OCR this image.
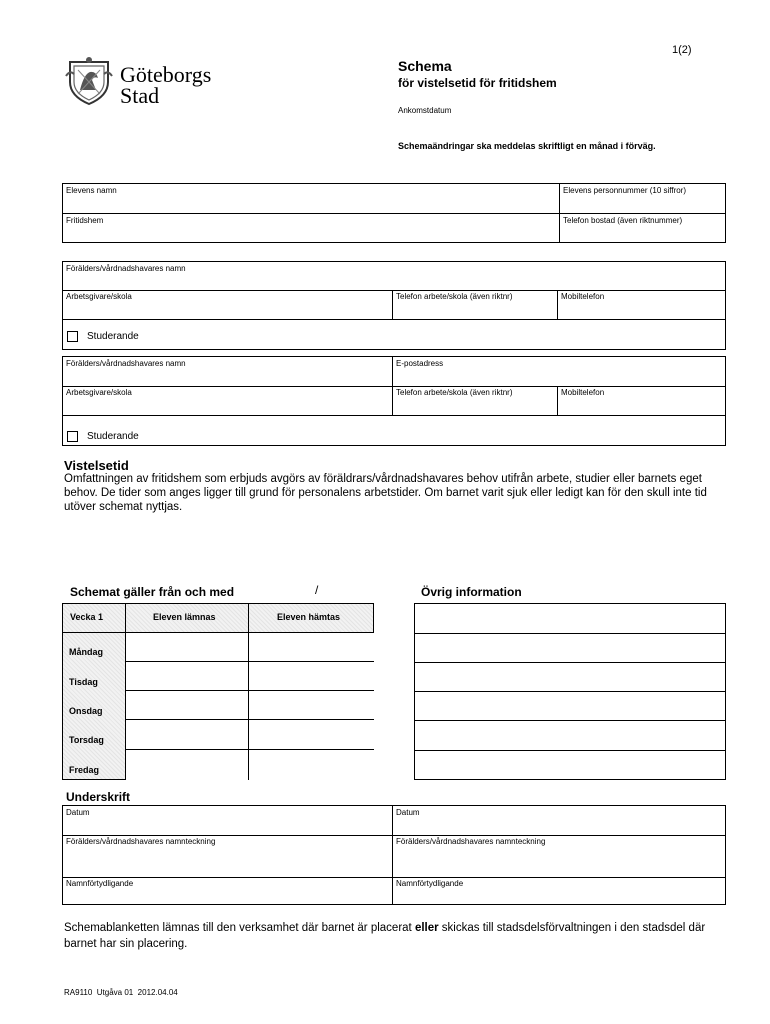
1(2)
Göteborgs
Stad
Schema
för vistelsetid för fritidshem
Ankomstdatum
Schemaändringar ska meddelas skriftligt en månad i förväg.
Elevens namn	Elevens personnummer (10 siffror)
Fritidshem	Telefon bostad (även riktnummer)
Förälders/vårdnadshavares namn
Arbetsgivare/skola	Telefon arbete/skola (även riktnr)	Mobiltelefon
Studerande
Förälders/vårdnadshavares namn	E-postadress
Arbetsgivare/skola	Telefon arbete/skola (även riktnr)	Mobiltelefon
Studerande
Vistelsetid
Omfattningen av fritidshem som erbjuds avgörs av föräldrars/vårdnadshavares behov utifrån arbete, studier eller barnets eget behov. De tider som anges ligger till grund för personalens arbetstider. Om barnet varit sjuk eller ledigt kan för den skull inte tid utöver schemat nyttjas.
Schemat gäller från och med	/	Övrig information
Vecka 1	Eleven lämnas	Eleven hämtas
Måndag
Tisdag
Onsdag
Torsdag
Fredag
Underskrift
Datum	Datum
Förälders/vårdnadshavares namnteckning	Förälders/vårdnadshavares namnteckning
Namnförtydligande	Namnförtydligande
Schemablanketten lämnas till den verksamhet där barnet är placerat eller skickas till stadsdelsförvaltningen i den stadsdel där barnet har sin placering.
RA9110  Utgåva 01  2012.04.04
